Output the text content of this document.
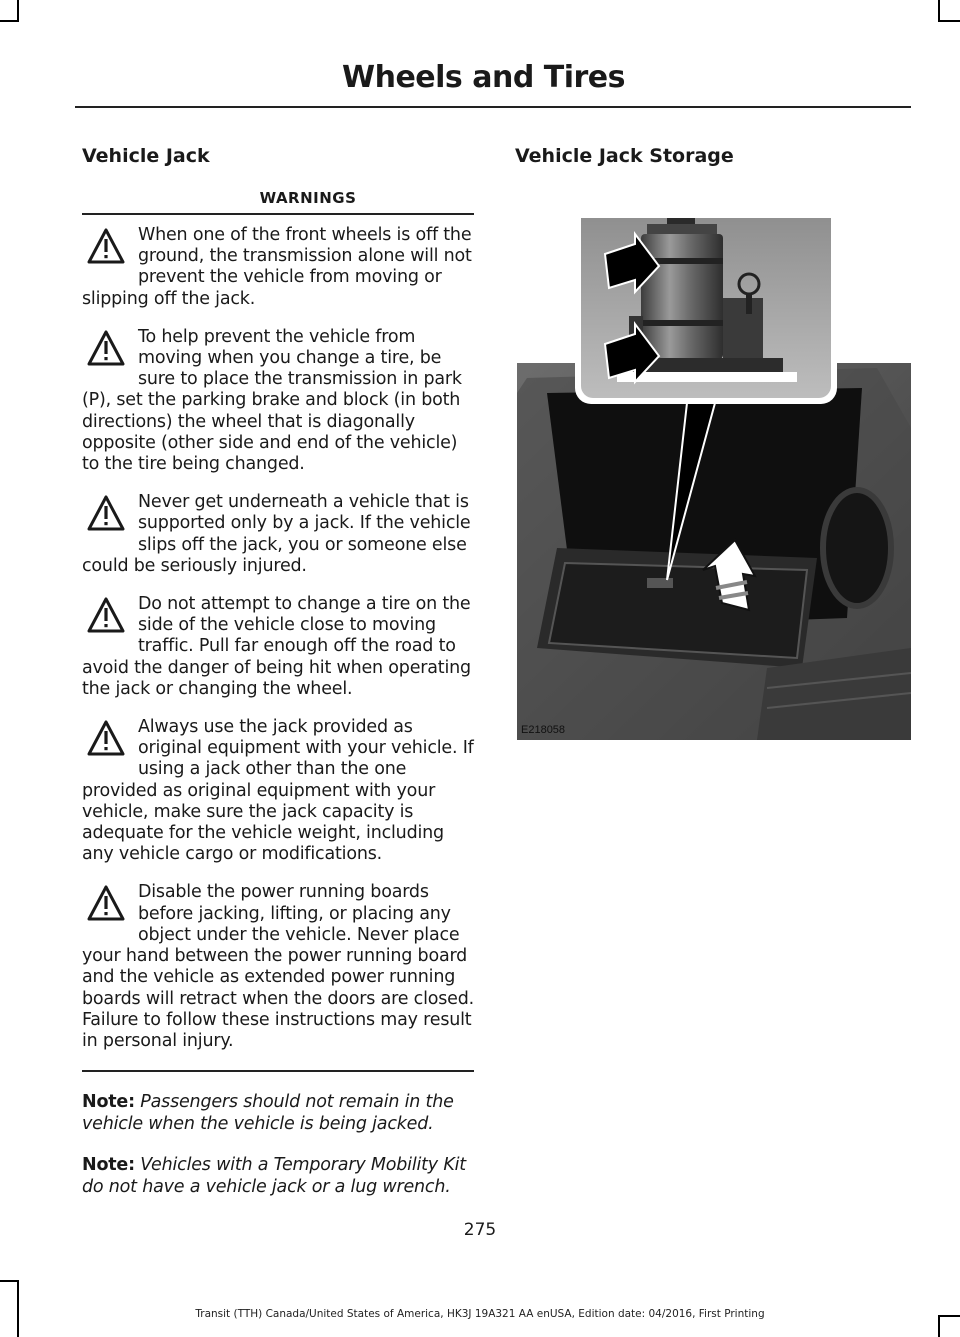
Wheels and Tires
Vehicle Jack
WARNINGS
When one of the front wheels is off the ground, the transmission alone will not prevent the vehicle from moving or slipping off the jack.
To help prevent the vehicle from moving when you change a tire, be sure to place the transmission in park (P), set the parking brake and block (in both directions) the wheel that is diagonally opposite (other side and end of the vehicle) to the tire being changed.
Never get underneath a vehicle that is supported only by a jack. If the vehicle slips off the jack, you or someone else could be seriously injured.
Do not attempt to change a tire on the side of the vehicle close to moving traffic. Pull far enough off the road to avoid the danger of being hit when operating the jack or changing the wheel.
Always use the jack provided as original equipment with your vehicle. If using a jack other than the one provided as original equipment with your vehicle, make sure the jack capacity is adequate for the vehicle weight, including any vehicle cargo or modifications.
Disable the power running boards before jacking, lifting, or placing any object under the vehicle. Never place your hand between the power running board and the vehicle as extended power running boards will retract when the doors are closed. Failure to follow these instructions may result in personal injury.
Note: Passengers should not remain in the vehicle when the vehicle is being jacked.
Note: Vehicles with a Temporary Mobility Kit do not have a vehicle jack or a lug wrench.
Vehicle Jack Storage
E218058
275
Transit (TTH) Canada/United States of America, HK3J 19A321 AA enUSA, Edition date: 04/2016, First Printing
